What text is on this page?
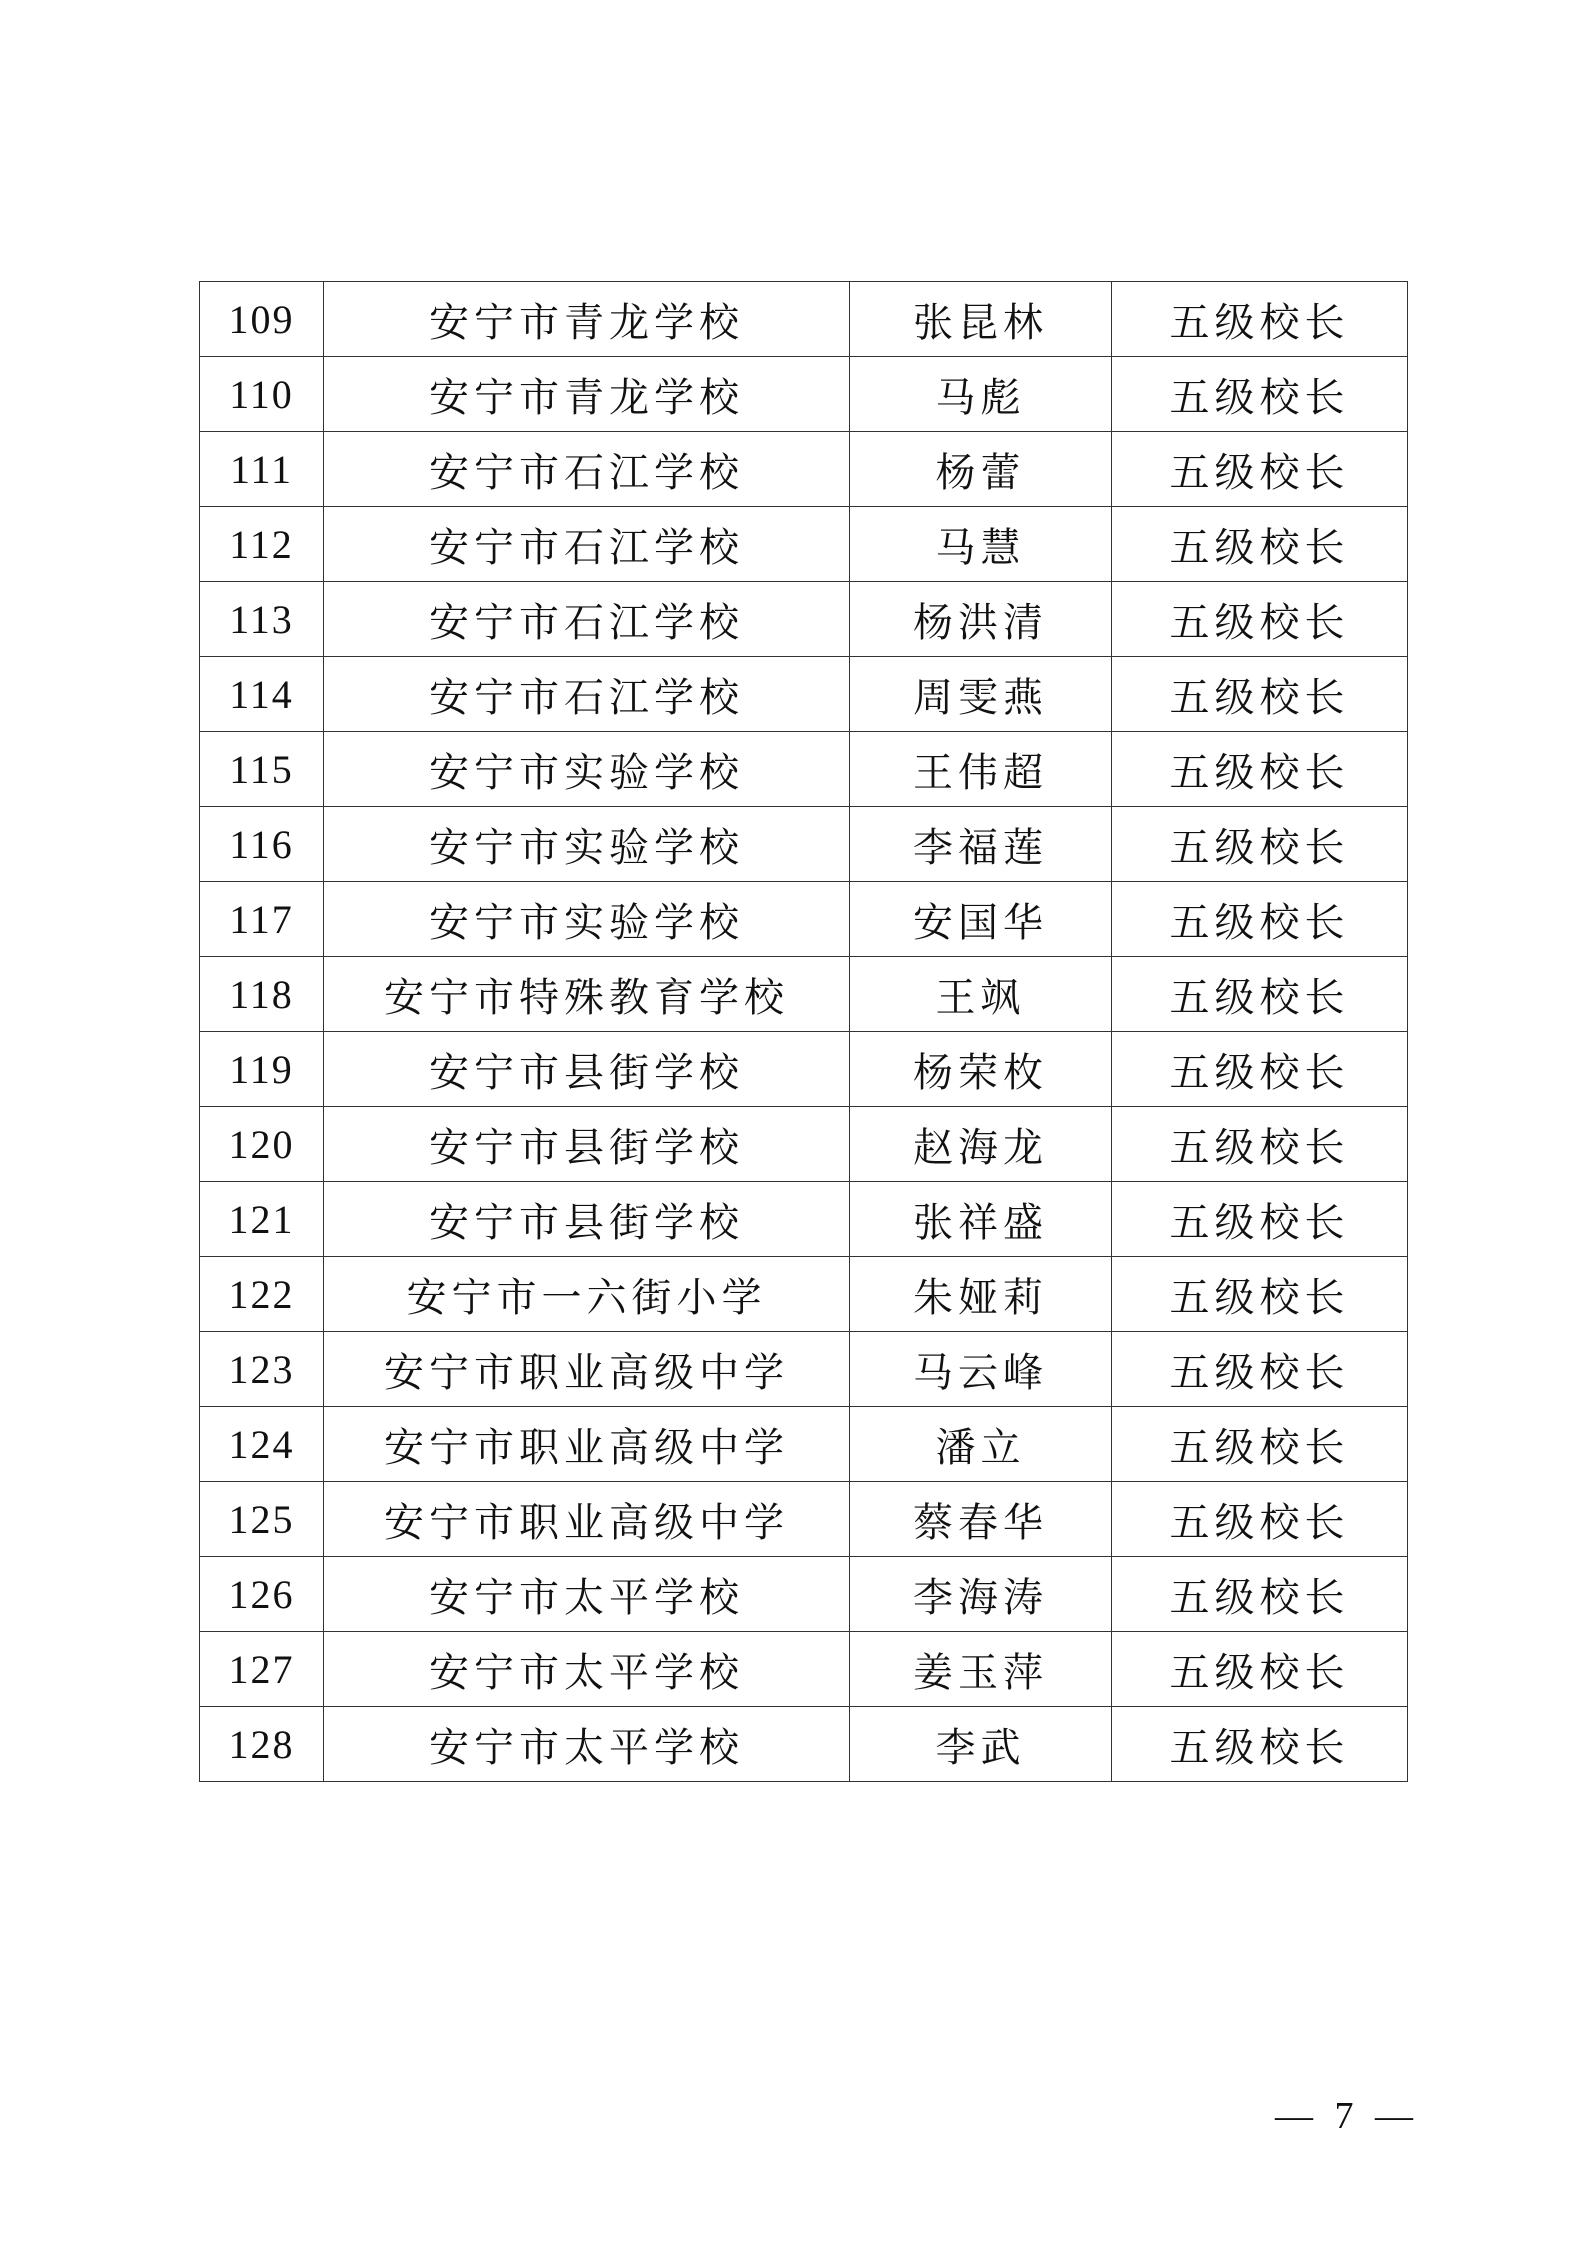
109	安宁市青龙学校	张昆林	五级校长
110	安宁市青龙学校	马彪	五级校长
111	安宁市石江学校	杨蕾	五级校长
112	安宁市石江学校	马慧	五级校长
113	安宁市石江学校	杨洪清	五级校长
114	安宁市石江学校	周雯燕	五级校长
115	安宁市实验学校	王伟超	五级校长
116	安宁市实验学校	李福莲	五级校长
117	安宁市实验学校	安国华	五级校长
118	安宁市特殊教育学校	王飒	五级校长
119	安宁市县街学校	杨荣枚	五级校长
120	安宁市县街学校	赵海龙	五级校长
121	安宁市县街学校	张祥盛	五级校长
122	安宁市一六街小学	朱娅莉	五级校长
123	安宁市职业高级中学	马云峰	五级校长
124	安宁市职业高级中学	潘立	五级校长
125	安宁市职业高级中学	蔡春华	五级校长
126	安宁市太平学校	李海涛	五级校长
127	安宁市太平学校	姜玉萍	五级校长
128	安宁市太平学校	李武	五级校长
— 7 —
